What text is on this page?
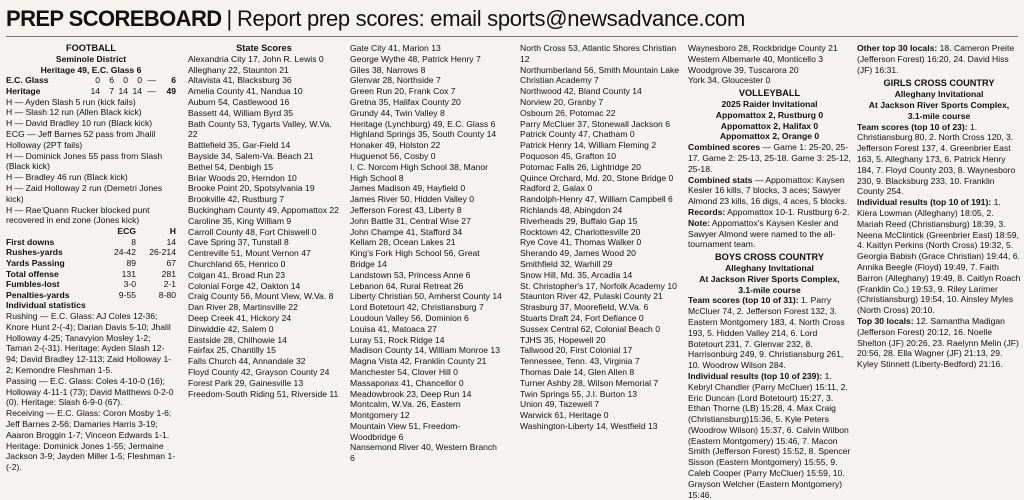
PREP SCOREBOARD | Report prep scores: email sports@newsadvance.com

FOOTBALL

Seminole District

Heritage 49, E.C. Glass 6

E.C. Glass	0	6	0	0	—	6
Heritage	14	7	14	14	—	49

H — Ayden Slash 5 run (kick fails)

H — Slash 12 run (Allen Black kick)

H — David Bradley 10 run (Black kick)

ECG — Jeff Barnes 52 pass from Jhalil Holloway (2PT fails)

H — Dominick Jones 55 pass from Slash (Black kick)

H — Bradley 46 run (Black kick)

H — Zaid Holloway 2 run (Demetri Jones kick)

H — Rae'Quann Rucker blocked punt recovered in end zone (Jones kick)

	ECG	H
First downs	8	14
Rushes-yards	24-42	26-214
Yards Passing	89	67
Total offense	131	281
Fumbles-lost	3-0	2-1
Penalties-yards	9-55	8-80

Individual statistics

Rushing — E.C. Glass: AJ Coles 12-36; Knore Hunt 2-(-4); Darian Davis 5-10; Jhalil Holloway 4-25; Tanavyion Mosley 1-2; Taman 2-(-31). Heritage: Ayden Slash 12-94; David Bradley 12-113; Zaid Holloway 1-2; Kemondre Fleshman 1-5.

Passing — E.C. Glass: Coles 4-10-0 (16); Holloway 4-11-1 (73); David Matthews 0-2-0 (0). Heritage: Slash 6-9-0 (67).

Receiving — E.C. Glass: Coron Mosby 1-6; Jeff Barnes 2-56; Damaries Harris 3-19; Aaaron Broggin 1-7; Vinceon Edwards 1-1. Heritage: Dominick Jones 1-55; Jermaine Jackson 3-9; Jayden Miller 1-5; Fleshman 1-(-2).

State Scores

Alexandria City 17, John R. Lewis 0

Alleghany 22, Staunton 21

Altavista 41, Blacksburg 36

Amelia County 41, Nandua 10

Auburn 54, Castlewood 16

Bassett 44, William Byrd 35

Bath County 53, Tygarts Valley, W.Va. 22

Battlefield 35, Gar-Field 14

Bayside 34, Salem-Va. Beach 21

Bethel 54, Denbigh 15

Briar Woods 20, Herndon 10

Brooke Point 20, Spotsylvania 19

Brookville 42, Rustburg 7

Buckingham County 49, Appomattox 22

Caroline 35, King William 9

Carroll County 48, Fort Chiswell 0

Cave Spring 37, Tunstall 8

Centreville 51, Mount Vernon 47

Churchland 65, Henrico 0

Colgan 41, Broad Run 23

Colonial Forge 42, Oakton 14

Craig County 56, Mount View, W.Va. 8

Dan River 28, Martinsville 22

Deep Creek 41, Hickory 24

Dinwiddie 42, Salem 0

Eastside 28, Chilhowie 14

Fairfax 25, Chantilly 15

Falls Church 44, Annandale 32

Floyd County 42, Grayson County 24

Forest Park 29, Gainesville 13

Freedom-South Riding 51, Riverside 11

Gate City 41, Marion 13

George Wythe 48, Patrick Henry 7

Giles 38, Narrows 8

Glenvar 28, Northside 7

Green Run 20, Frank Cox 7

Gretna 35, Halifax County 20

Grundy 44, Twin Valley 8

Heritage (Lynchburg) 49, E.C. Glass 6

Highland Springs 35, South County 14

Honaker 49, Holston 22

Huguenot 56, Cosby 0

I. C. Norcom High School 38, Manor High School 8

James Madison 49, Hayfield 0

James River 50, Hidden Valley 0

Jefferson Forest 43, Liberty 8

John Battle 31, Central Wise 27

John Champe 41, Stafford 34

Kellam 28, Ocean Lakes 21

King's Fork High School 56, Great Bridge 14

Landstown 53, Princess Anne 6

Lebanon 64, Rural Retreat 26

Liberty Christian 50, Amherst County 14

Lord Botetourt 42, Christiansburg 7

Loudoun Valley 56, Dominion 6

Louisa 41, Matoaca 27

Luray 51, Rock Ridge 14

Madison County 14, William Monroe 13

Magna Vista 42, Franklin County 21

Manchester 54, Clover Hill 0

Massaponax 41, Chancellor 0

Meadowbrook 23, Deep Run 14

Montcalm, W.Va. 26, Eastern Montgomery 12

Mountain View 51, Freedom-Woodbridge 6

Nansemond River 40, Western Branch 6

North Cross 53, Atlantic Shores Christian 12

Northumberland 56, Smith Mountain Lake Christian Academy 7

Northwood 42, Bland County 14

Norview 20, Granby 7

Osbourn 26, Potomac 22

Parry McCluer 37, Stonewall Jackson 6

Patrick County 47, Chatham 0

Patrick Henry 14, William Fleming 2

Poquoson 45, Grafton 10

Potomac Falls 26, Lightridge 20

Quince Orchard, Md. 20, Stone Bridge 0

Radford 2, Galax 0

Randolph-Henry 47, William Campbell 6

Richlands 48, Abingdon 24

Riverheads 29, Buffalo Gap 15

Rocktown 42, Charlottesville 20

Rye Cove 41, Thomas Walker 0

Sherando 49, James Wood 20

Smithfield 32, Warhill 29

Snow Hill, Md. 35, Arcadia 14

St. Christopher's 17, Norfolk Academy 10

Staunton River 42, Pulaski County 21

Strasburg 37, Moorefield, W.Va. 6

Stuarts Draft 24, Fort Defiance 0

Sussex Central 62, Colonial Beach 0

TJHS 35, Hopewell 20

Tallwood 20, First Colonial 17

Tennessee, Tenn. 43, Virginia 7

Thomas Dale 14, Glen Allen 8

Turner Ashby 28, Wilson Memorial 7

Twin Springs 55, J.I. Burton 13

Union 49, Tazewell 7

Warwick 61, Heritage 0

Washington-Liberty 14, Westfield 13

Waynesboro 28, Rockbridge County 21

Western Albemarle 40, Monticello 3

Woodgrove 39, Tuscarora 20

York 34, Gloucester 0

VOLLEYBALL

2025 Raider Invitational

Appomattox 2, Rustburg 0

Appomattox 2, Halifax 0

Appomattox 2, Orange 0

Combined scores — Game 1: 25-20, 25-17. Game 2: 25-13, 25-18. Game 3: 25-12, 25-18.

Combined stats — Appomattox: Kaysen Kesler 16 kills, 7 blocks, 3 aces; Sawyer Almond 23 kills, 16 digs, 4 aces, 5 blocks.

Records: Appomattox 10-1. Rustburg 6-2.

Note: Appomattox's Kaysen Kesler and Sawyer Almond were named to the all-tournament team.

BOYS CROSS COUNTRY

Alleghany Invitational

At Jackson River Sports Complex,

3.1-mile course

Team scores (top 10 of 31): 1. Parry McCluer 74, 2. Jefferson Forest 132, 3. Eastern Montgomery 183, 4. North Cross 193, 5. Hidden Valley 214, 6. Lord Botetourt 231, 7. Glenvar 232, 8. Harrisonburg 249, 9. Christiansburg 261, 10. Woodrow Wilson 284.

Individual results (top 10 of 239): 1. Kebryl Chandler (Parry McCluer) 15:11, 2. Eric Duncan (Lord Botetourt) 15:27, 3. Ethan Thorne (LB) 15:28, 4. Max Craig (Christiansburg)15:36, 5. Kyle Peters (Woodrow Wilson) 15:37, 6. Calvin Wilbon (Eastern Montgomery) 15:46, 7. Macon Smith (Jefferson Forest) 15:52, 8. Spencer Sisson (Eastern Montgomery) 15:55, 9. Caleb Cooper (Parry McCluer) 15:59, 10. Grayson Welcher (Eastern Montgomery) 15:46.

Other top 30 locals: 18. Cameron Preite (Jefferson Forest) 16:20, 24. David Hiss (JF) 16:31.

GIRLS CROSS COUNTRY

Alleghany Invitational

At Jackson River Sports Complex,

3.1-mile course

Team scores (top 10 of 23): 1. Christiansburg 80, 2. North Cross 120, 3. Jefferson Forest 137, 4. Greenbrier East 163, 5. Alleghany 173, 6. Patrick Henry 184, 7. Floyd County 203, 8. Waynesboro 230, 9. Blacksburg 233, 10. Franklin County 254.

Individual results (top 10 of 191): 1. Kiera Lowman (Alleghany) 18:05, 2. Mariah Reed (Christiansburg) 18:39, 3. Neena McClintick (Greenbrier East) 18:59, 4. Kaitlyn Perkins (North Cross) 19:32, 5. Georgia Babish (Grace Christian) 19:44, 6. Annika Beegle (Floyd) 19:49, 7. Faith Barron (Alleghany) 19:49, 8. Caitlyn Roach (Franklin Co.) 19:53, 9. Riley Larimer (Christiansburg) 19:54, 10. Ainsley Myles (North Cross) 20:10.

Top 30 locals: 12. Samantha Madigan (Jefferson Forest) 20:12, 16. Noelle Shelton (JF) 20:26, 23. Raelynn Melin (JF) 20:56, 28. Ella Wagner (JF) 21:13, 29. Kyley Stinnett (Liberty-Bedford) 21:16.
